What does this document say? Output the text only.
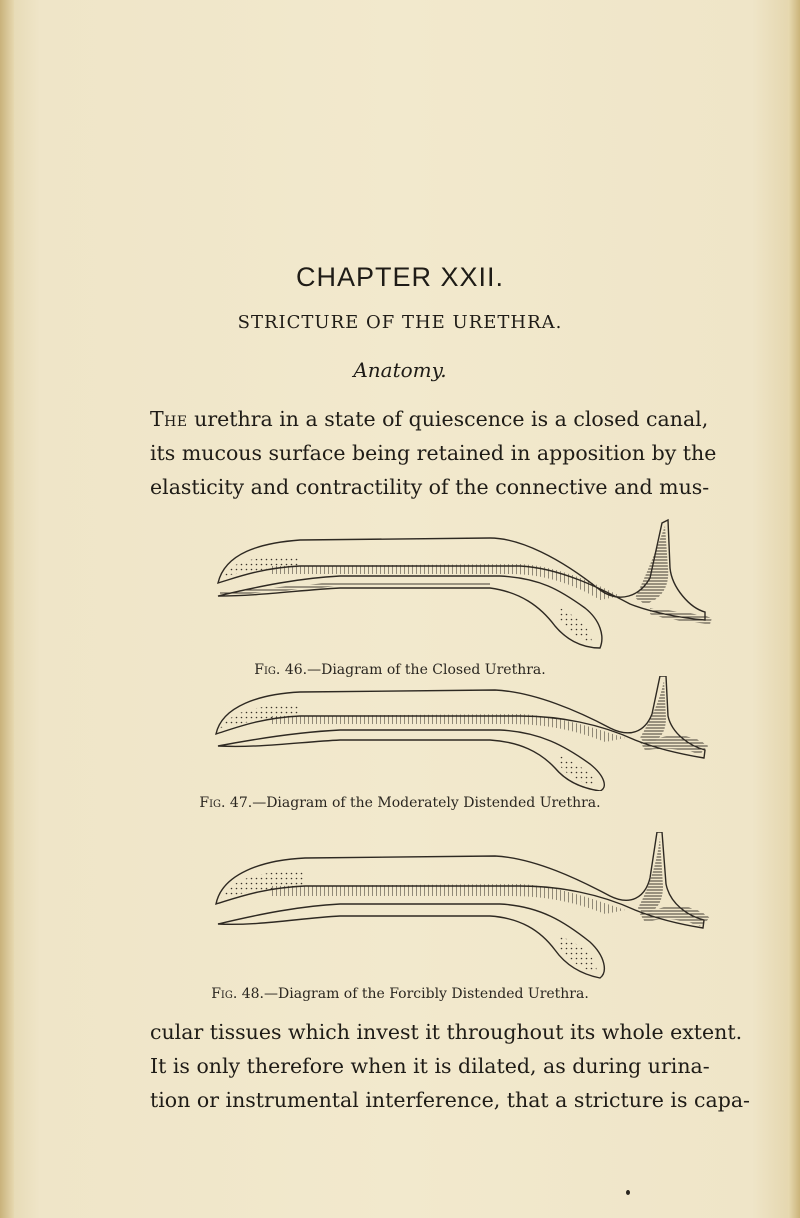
CHAPTER XXII.
STRICTURE OF THE URETHRA.
Anatomy.
The urethra in a state of quiescence is a closed canal,
its mucous surface being retained in apposition by the
elasticity and contractility of the connective and mus-
Fig. 46.—Diagram of the Closed Urethra.
Fig. 47.—Diagram of the Moderately Distended Urethra.
Fig. 48.—Diagram of the Forcibly Distended Urethra.
cular tissues which invest it throughout its whole extent.
It is only therefore when it is dilated, as during urina-
tion or instrumental interference, that a stricture is capa-
